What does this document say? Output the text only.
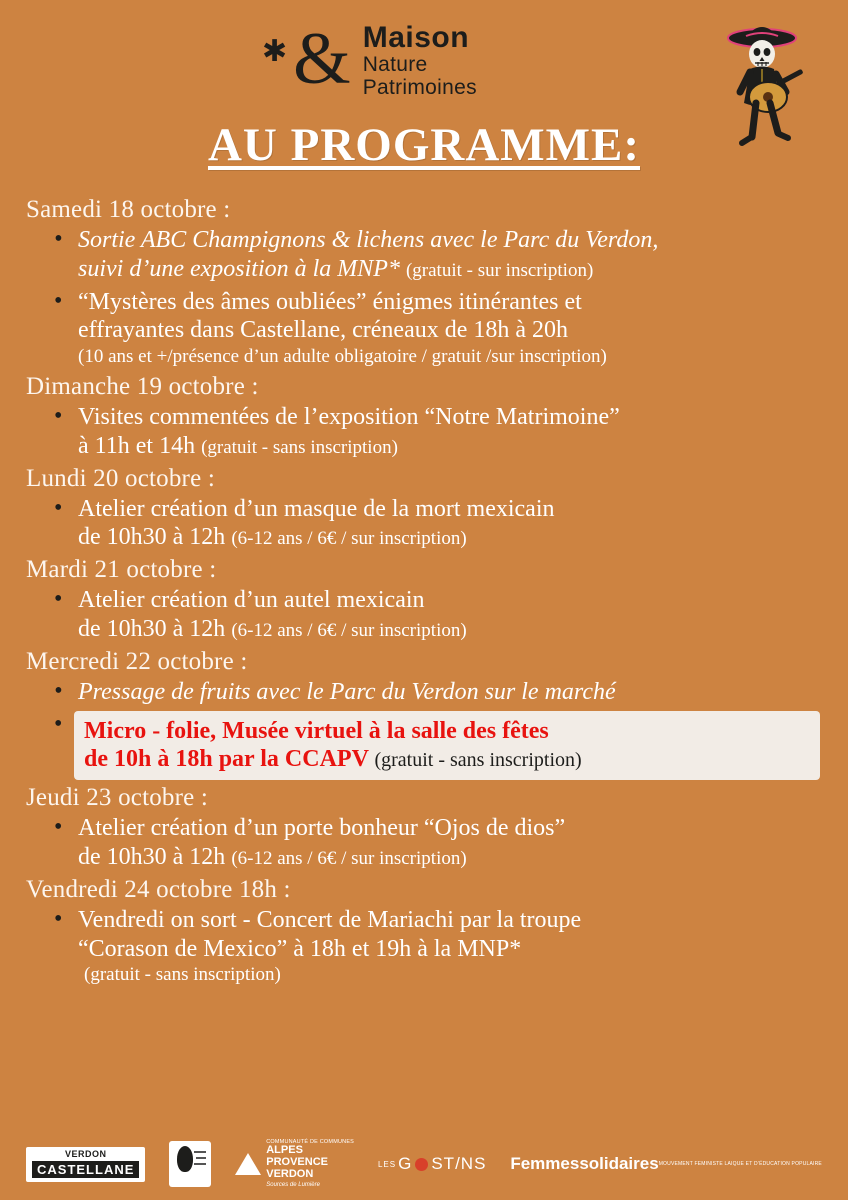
✱ & Maison
Nature
Patrimoines
AU PROGRAMME:
Samedi 18 octobre :
• Sortie ABC Champignons & lichens avec le Parc du Verdon,
suivi d’une exposition à la MNP* (gratuit - sur inscription)
• “Mystères des âmes oubliées” énigmes itinérantes et
effrayantes dans Castellane, créneaux de 18h à 20h
(10 ans et +/présence d’un adulte obligatoire / gratuit /sur inscription)
Dimanche 19 octobre :
• Visites commentées de l’exposition “Notre Matrimoine”
à 11h et 14h (gratuit - sans inscription)
Lundi 20 octobre :
• Atelier création d’un masque de la mort mexicain
de 10h30 à 12h (6-12 ans / 6€ / sur inscription)
Mardi 21 octobre :
• Atelier création d’un autel mexicain
de 10h30 à 12h (6-12 ans / 6€ / sur inscription)
Mercredi 22 octobre :
• Pressage de fruits avec le Parc du Verdon sur le marché
• Micro - folie, Musée virtuel à la salle des fêtes
de 10h à 18h par la CCAPV (gratuit - sans inscription)
Jeudi 23 octobre :
• Atelier création d’un porte bonheur “Ojos de dios”
de 10h30 à 12h (6-12 ans / 6€ / sur inscription)
Vendredi 24 octobre 18h :
• Vendredi on sort - Concert de Mariachi par la troupe
“Corason de Mexico” à 18h et 19h à la MNP*
(gratuit - sans inscription)
VERDON
CASTELLANE
COMMUNAUTÉ DE COMMUNES
ALPES
PROVENCE
VERDON
Sources de Lumière
LES G ST/NS Femmes solidaires MOUVEMENT FEMINISTE LAIQUE ET D’ÉDUCATION POPULAIRE
